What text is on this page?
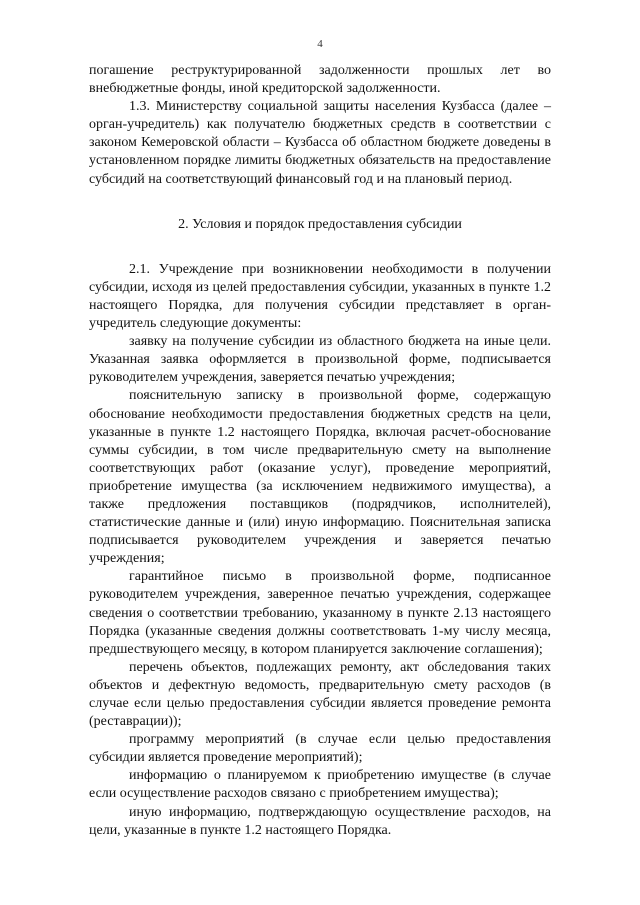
4

погашение реструктурированной задолженности прошлых лет во внебюджетные фонды, иной кредиторской задолженности.

1.3. Министерству социальной защиты населения Кузбасса (далее – орган-учредитель) как получателю бюджетных средств в соответствии с законом Кемеровской области – Кузбасса об областном бюджете доведены в установленном порядке лимиты бюджетных обязательств на предоставление субсидий на соответствующий финансовый год и на плановый период.

2. Условия и порядок предоставления субсидии

2.1. Учреждение при возникновении необходимости в получении субсидии, исходя из целей предоставления субсидии, указанных в пункте 1.2 настоящего Порядка, для получения субсидии представляет в орган-учредитель следующие документы:

заявку на получение субсидии из областного бюджета на иные цели. Указанная заявка оформляется в произвольной форме, подписывается руководителем учреждения, заверяется печатью учреждения;

пояснительную записку в произвольной форме, содержащую обоснование необходимости предоставления бюджетных средств на цели, указанные в пункте 1.2 настоящего Порядка, включая расчет-обоснование суммы субсидии, в том числе предварительную смету на выполнение соответствующих работ (оказание услуг), проведение мероприятий, приобретение имущества (за исключением недвижимого имущества), а также предложения поставщиков (подрядчиков, исполнителей), статистические данные и (или) иную информацию. Пояснительная записка подписывается руководителем учреждения и заверяется печатью учреждения;

гарантийное письмо в произвольной форме, подписанное руководителем учреждения, заверенное печатью учреждения, содержащее сведения о соответствии требованию, указанному в пункте 2.13 настоящего Порядка (указанные сведения должны соответствовать 1-му числу месяца, предшествующего месяцу, в котором планируется заключение соглашения);

перечень объектов, подлежащих ремонту, акт обследования таких объектов и дефектную ведомость, предварительную смету расходов (в случае если целью предоставления субсидии является проведение ремонта (реставрации));

программу мероприятий (в случае если целью предоставления субсидии является проведение мероприятий);

информацию о планируемом к приобретению имуществе (в случае если осуществление расходов связано с приобретением имущества);

иную информацию, подтверждающую осуществление расходов, на цели, указанные в пункте 1.2 настоящего Порядка.
